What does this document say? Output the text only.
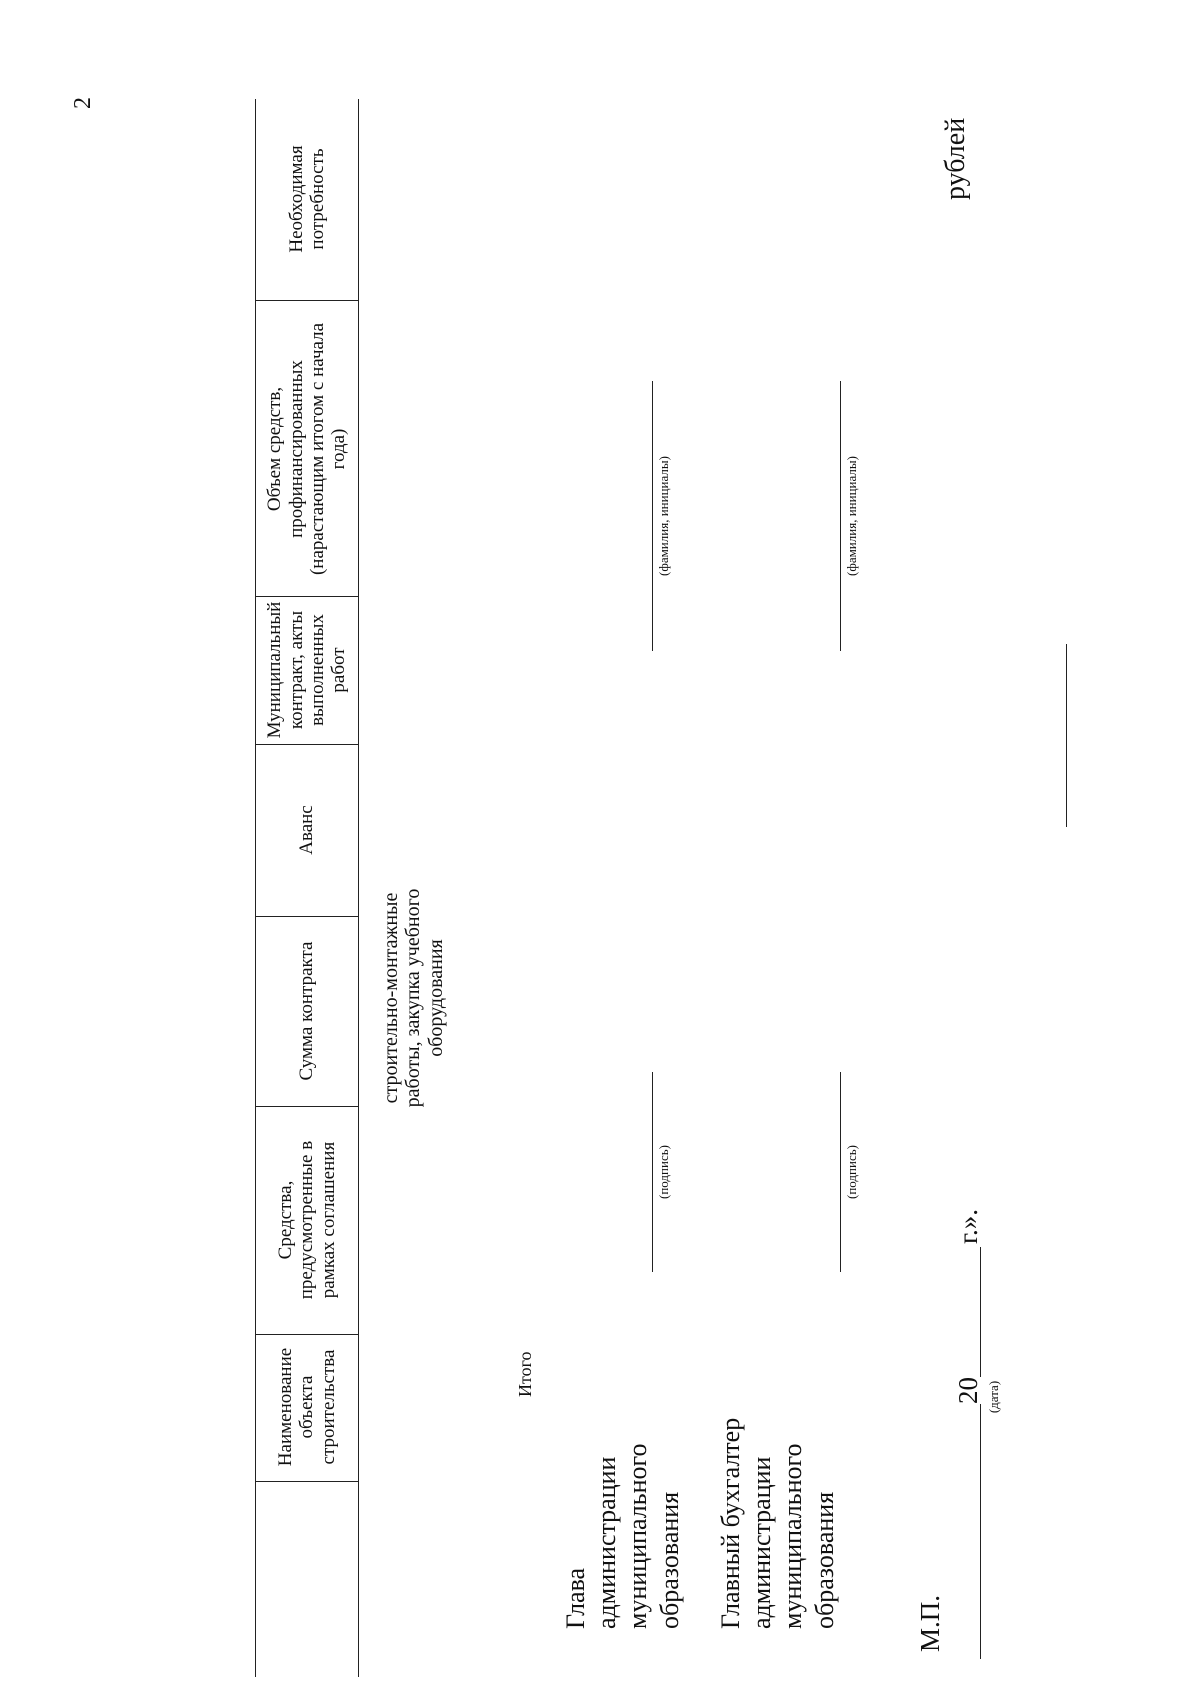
2
рублей
Наименование объекта строительства
Средства, предусмотренные в рамках соглашения
Сумма контракта
Аванс
Муниципальный контракт, акты выполненных работ
Объем средств, профинансированных (нарастающим итогом с начала года)
Необходимая потребность
строительно-монтажные работы, закупка учебного оборудования
Итого
Глава администрации муниципального образования
(подпись)
(фамилия, инициалы)
Главный бухгалтер администрации муниципального образования
(подпись)
(фамилия, инициалы)
М.П.
(дата)
20
г.».
